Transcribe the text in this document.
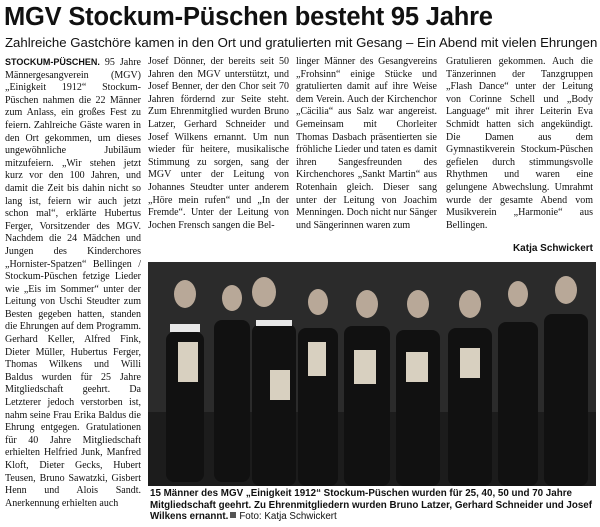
MGV Stockum-Püschen besteht 95 Jahre

Zahlreiche Gastchöre kamen in den Ort und gratulierten mit Gesang – Ein Abend mit vielen Ehrungen

STOCKUM-PÜSCHEN. 95 Jahre Männergesangverein (MGV) „Einigkeit 1912“ Stockum-Püschen nahmen die 22 Männer zum Anlass, ein großes Fest zu feiern. Zahlreiche Gäste waren in den Ort gekommen, um dieses ungewöhnliche Jubiläum mitzufeiern. „Wir stehen jetzt kurz vor den 100 Jahren, und damit die Zeit bis dahin nicht so lang ist, feiern wir auch jetzt schon mal“, erklärte Hubertus Ferger, Vorsitzender des MGV. Nachdem die 24 Mädchen und Jungen des Kinderchores „Hornister-Spatzen“ Bellingen / Stockum-Püschen fetzige Lieder wie „Eis im Sommer“ unter der Leitung von Uschi Steudter zum Besten gegeben hatten, standen die Ehrungen auf dem Programm. Gerhard Keller, Alfred Fink, Dieter Müller, Hubertus Ferger, Thomas Wilkens und Willi Baldus wurden für 25 Jahre Mitgliedschaft geehrt. Da Letzterer jedoch verstorben ist, nahm seine Frau Erika Baldus die Ehrung entgegen. Gratulationen für 40 Jahre Mitgliedschaft erhielten Helfried Junk, Manfred Kloft, Dieter Gecks, Hubert Teusen, Bruno Sawatzki, Gisbert Henn und Alois Sandt. Anerkennung erhielten auch

Josef Dönner, der bereits seit 50 Jahren den MGV unterstützt, und Josef Benner, der den Chor seit 70 Jahren fördernd zur Seite steht. Zum Ehrenmitglied wurden Bruno Latzer, Gerhard Schneider und Josef Wilkens ernannt. Um nun wieder für heitere, musikalische Stimmung zu sorgen, sang der MGV unter der Leitung von Johannes Steudter unter anderem „Höre mein rufen“ und „In der Fremde“. Unter der Leitung von Jochen Frensch sangen die Bel-

linger Männer des Gesangvereins „Frohsinn“ einige Stücke und gratulierten damit auf ihre Weise dem Verein. Auch der Kirchenchor „Cäcilia“ aus Salz war angereist. Gemeinsam mit Chorleiter Thomas Dasbach präsentierten sie fröhliche Lieder und taten es damit ihren Sangesfreunden des Kirchenchores „Sankt Martin“ aus Rotenhain gleich. Dieser sang unter der Leitung von Joachim Menningen. Doch nicht nur Sänger und Sängerinnen waren zum

Gratulieren gekommen. Auch die Tänzerinnen der Tanzgruppen „Flash Dance“ unter der Leitung von Corinne Schell und „Body Language“ mit ihrer Leiterin Eva Schmidt hatten sich angekündigt. Die Damen aus dem Gymnastikverein Stockum-Püschen gefielen durch stimmungsvolle Rhythmen und waren eine gelungene Abwechslung. Umrahmt wurde der gesamte Abend vom Musikverein „Harmonie“ aus Bellingen.

Katja Schwickert

15 Männer des MGV „Einigkeit 1912“ Stockum-Püschen wurden für 25, 40, 50 und 70 Jahre Mitgliedschaft geehrt. Zu Ehrenmitgliedern wurden Bruno Latzer, Gerhard Schneider und Josef Wilkens ernannt. Foto: Katja Schwickert
